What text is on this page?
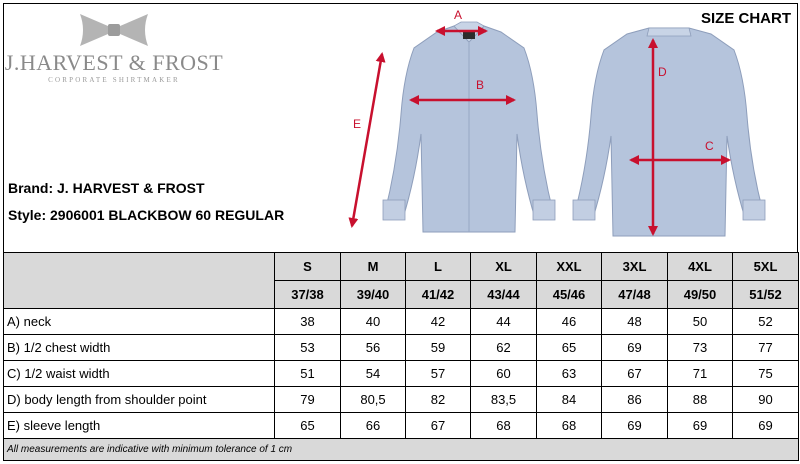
SIZE CHART
J.HARVEST & FROST
CORPORATE SHIRTMAKER
Brand: J. HARVEST & FROST
Style: 2906001 BLACKBOW 60 REGULAR
A
B
C
D
E
	S	M	L	XL	XXL	3XL	4XL	5XL
	37/38	39/40	41/42	43/44	45/46	47/48	49/50	51/52
A) neck	38	40	42	44	46	48	50	52
B) 1/2 chest width	53	56	59	62	65	69	73	77
C) 1/2 waist width	51	54	57	60	63	67	71	75
D) body length from shoulder point	79	80,5	82	83,5	84	86	88	90
E) sleeve length	65	66	67	68	68	69	69	69
All measurements are indicative with minimum tolerance of 1 cm								
